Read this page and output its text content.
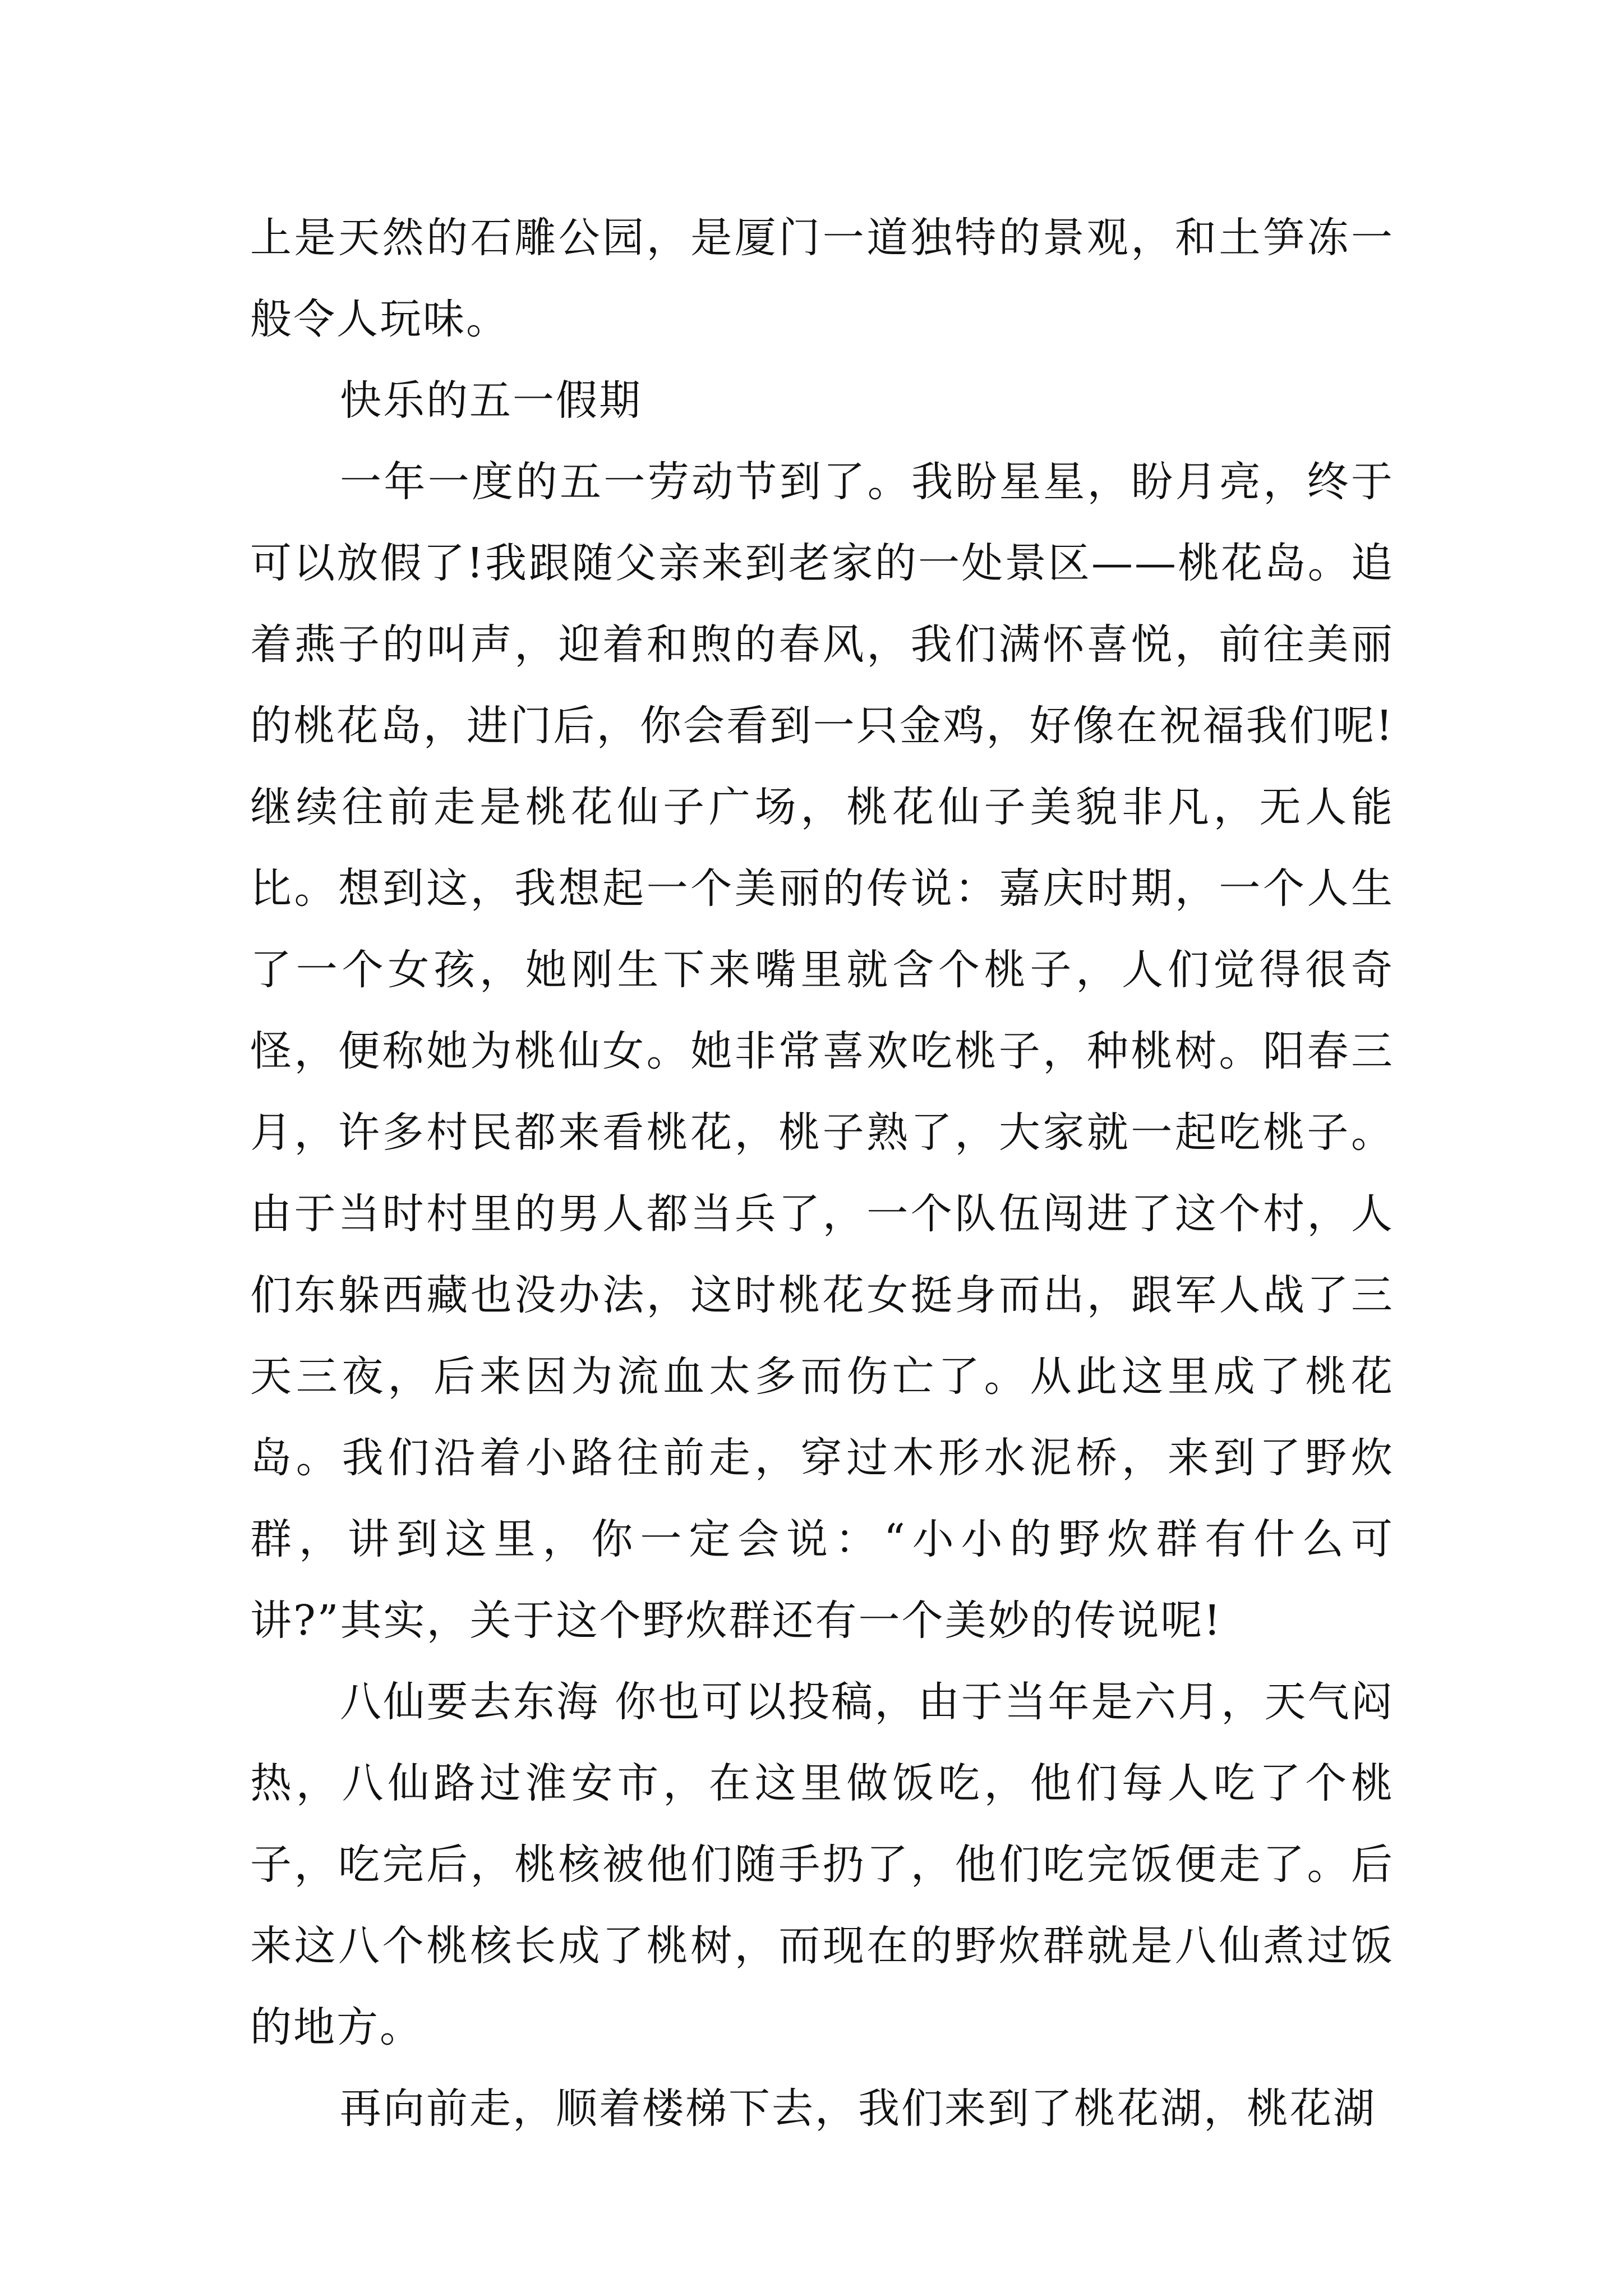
上是天然的石雕公园，是厦门一道独特的景观，和土笋冻一般令人玩味。

快乐的五一假期

一年一度的五一劳动节到了。我盼星星，盼月亮，终于可以放假了!我跟随父亲来到老家的一处景区——桃花岛。追着燕子的叫声，迎着和煦的春风，我们满怀喜悦，前往美丽的桃花岛，进门后，你会看到一只金鸡，好像在祝福我们呢!继续往前走是桃花仙子广场，桃花仙子美貌非凡，无人能比。想到这，我想起一个美丽的传说：嘉庆时期，一个人生了一个女孩，她刚生下来嘴里就含个桃子，人们觉得很奇怪，便称她为桃仙女。她非常喜欢吃桃子，种桃树。阳春三月，许多村民都来看桃花，桃子熟了，大家就一起吃桃子。由于当时村里的男人都当兵了，一个队伍闯进了这个村，人们东躲西藏也没办法，这时桃花女挺身而出，跟军人战了三天三夜，后来因为流血太多而伤亡了。从此这里成了桃花岛。我们沿着小路往前走，穿过木形水泥桥，来到了野炊群，讲到这里，你一定会说：“小小的野炊群有什么可讲?”其实，关于这个野炊群还有一个美妙的传说呢!

八仙要去东海 你也可以投稿，由于当年是六月，天气闷热，八仙路过淮安市，在这里做饭吃，他们每人吃了个桃子，吃完后，桃核被他们随手扔了，他们吃完饭便走了。后来这八个桃核长成了桃树，而现在的野炊群就是八仙煮过饭的地方。

再向前走，顺着楼梯下去，我们来到了桃花湖，桃花湖
